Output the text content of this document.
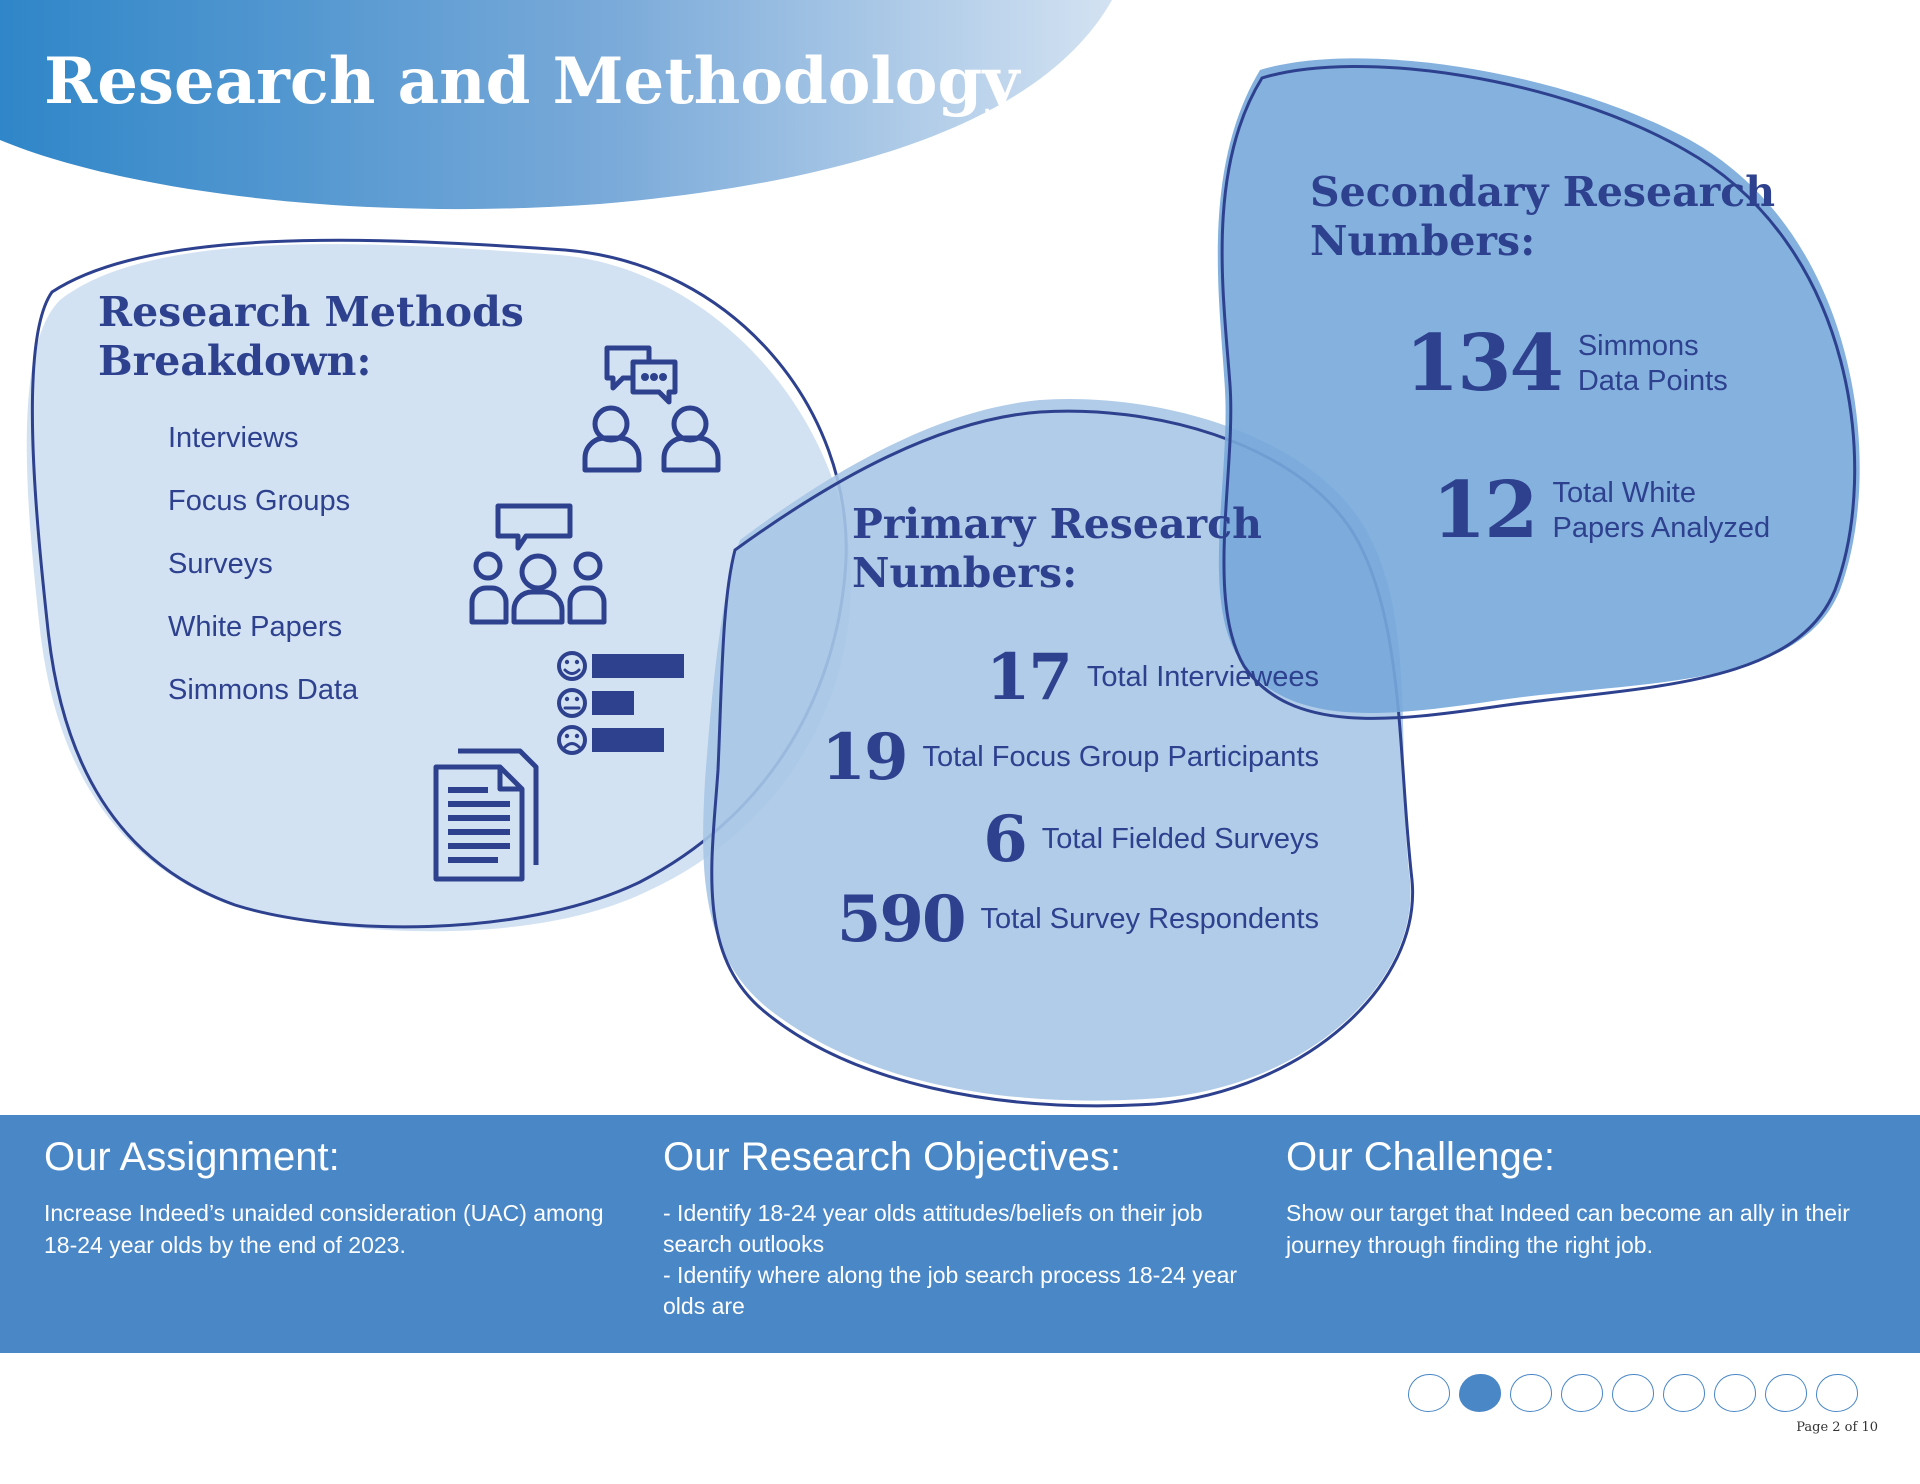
Research and Methodology
Research Methods
Breakdown:
Interviews
Focus Groups
Surveys
White Papers
Simmons Data
Primary Research
Numbers:
17 Total Interviewees
19 Total Focus Group Participants
6 Total Fielded Surveys
590 Total Survey Respondents
Secondary Research
Numbers:
134 Simmons
Data Points
12 Total White
Papers Analyzed
Our Assignment:

Increase Indeed’s unaided consideration (UAC) among 18-24 year olds by the end of 2023.

Our Research Objectives:

- Identify 18-24 year olds attitudes/beliefs on their job search outlooks

- Identify where along the job search process 18-24 year olds are

Our Challenge:

Show our target that Indeed can become an ally in their journey through finding the right job.

Page 2 of 10
